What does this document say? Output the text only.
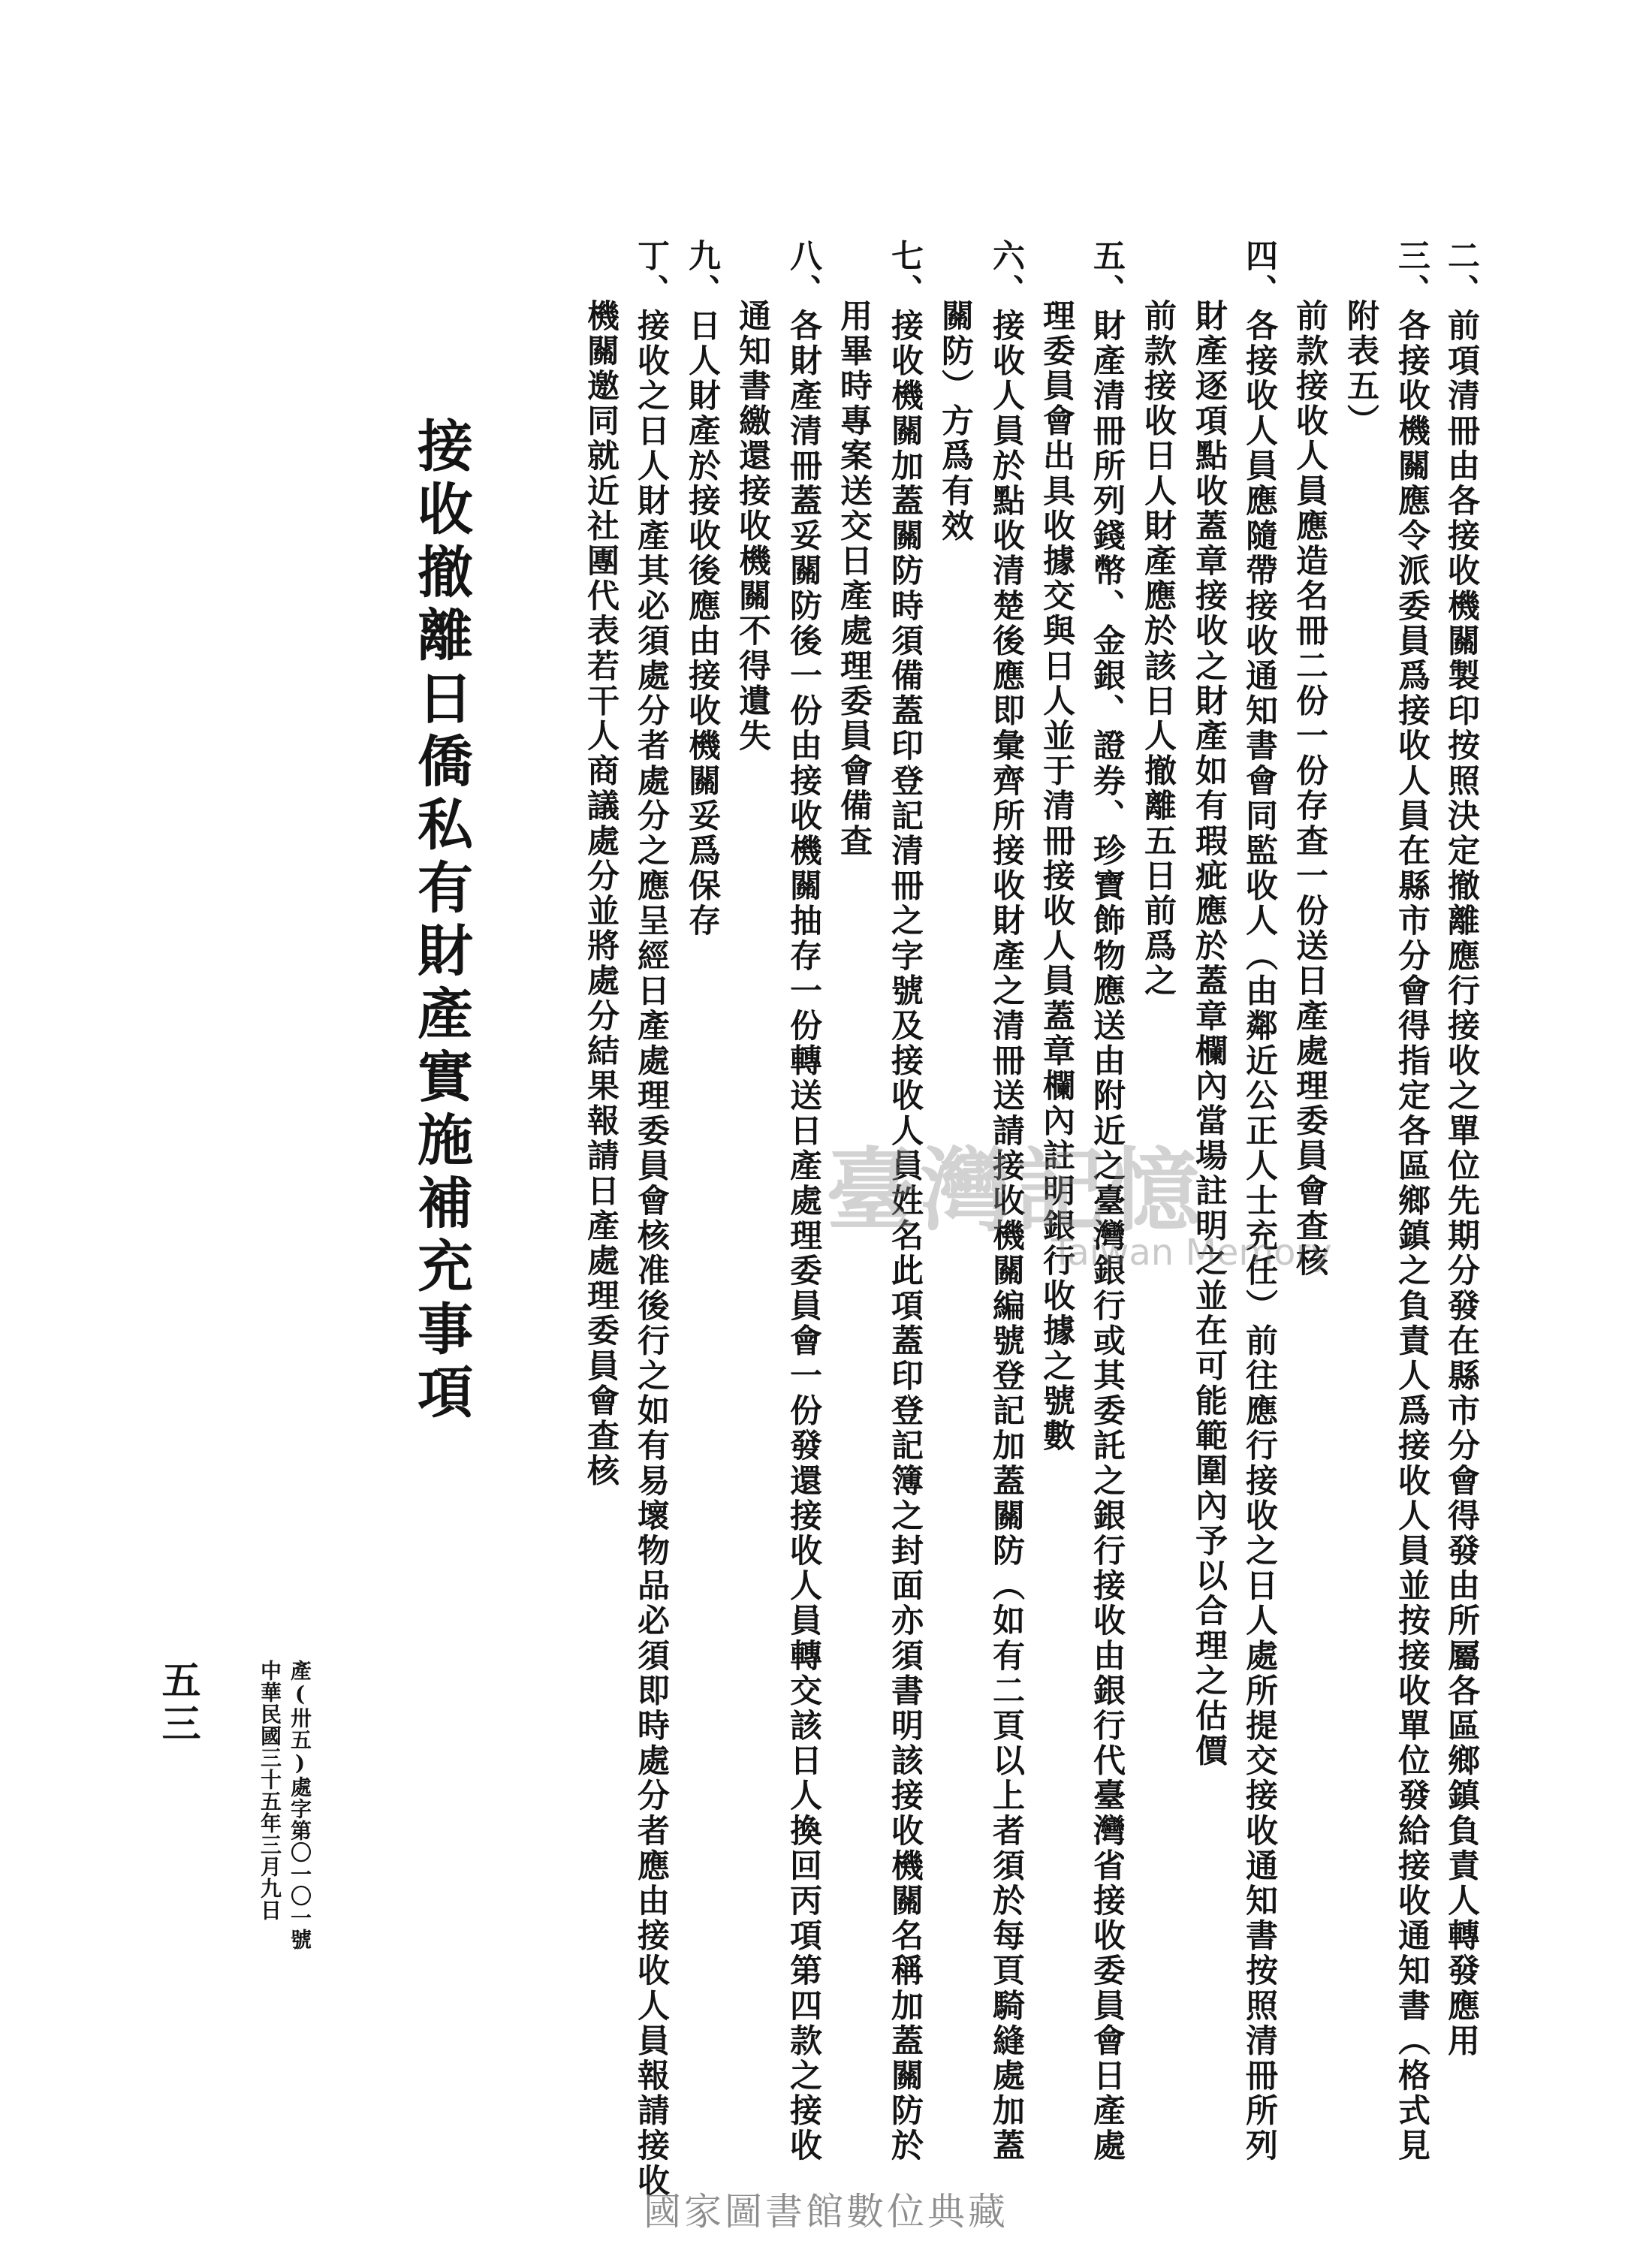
二、前項清冊由各接收機關製印按照決定撤離應行接收之單位先期分發在縣市分會得發由所屬各區鄉鎮負責人轉發應用
三、各接收機關應令派委員爲接收人員在縣市分會得指定各區鄉鎮之負責人爲接收人員並按接收單位發給接收通知書（格式見
附表五）
前款接收人員應造名冊二份一份存查一份送日產處理委員會查核
四、各接收人員應隨帶接收通知書會同監收人（由鄰近公正人士充任）前往應行接收之日人處所提交接收通知書按照清冊所列
財產逐項點收蓋章接收之財產如有瑕疵應於蓋章欄內當場註明之並在可能範圍內予以合理之估價
前款接收日人財產應於該日人撤離五日前爲之
五、財產清冊所列錢幣、金銀、證券、珍寶飾物應送由附近之臺灣銀行或其委託之銀行接收由銀行代臺灣省接收委員會日產處
理委員會出具收據交與日人並于清冊接收人員蓋章欄內註明銀行收據之號數
六、接收人員於點收清楚後應即彙齊所接收財產之清冊送請接收機關編號登記加蓋關防（如有二頁以上者須於每頁騎縫處加蓋
關防）方爲有效
七、接收機關加蓋關防時須備蓋印登記清冊之字號及接收人員姓名此項蓋印登記簿之封面亦須書明該接收機關名稱加蓋關防於
用畢時專案送交日產處理委員會備查
八、各財產清冊蓋妥關防後一份由接收機關抽存一份轉送日產處理委員會一份發還接收人員轉交該日人換回丙項第四款之接收
通知書繳還接收機關不得遺失
九、日人財產於接收後應由接收機關妥爲保存
丁、接收之日人財產其必須處分者處分之應呈經日產處理委員會核准後行之如有易壞物品必須即時處分者應由接收人員報請接收
機關邀同就近社團代表若干人商議處分並將處分結果報請日產處理委員會查核
接收撤離日僑私有財產實施補充事項
產(卅五)處字第〇一〇一號
中華民國三十五年三月九日
五三
臺灣記憶
Taiwan Memory
國家圖書館數位典藏
